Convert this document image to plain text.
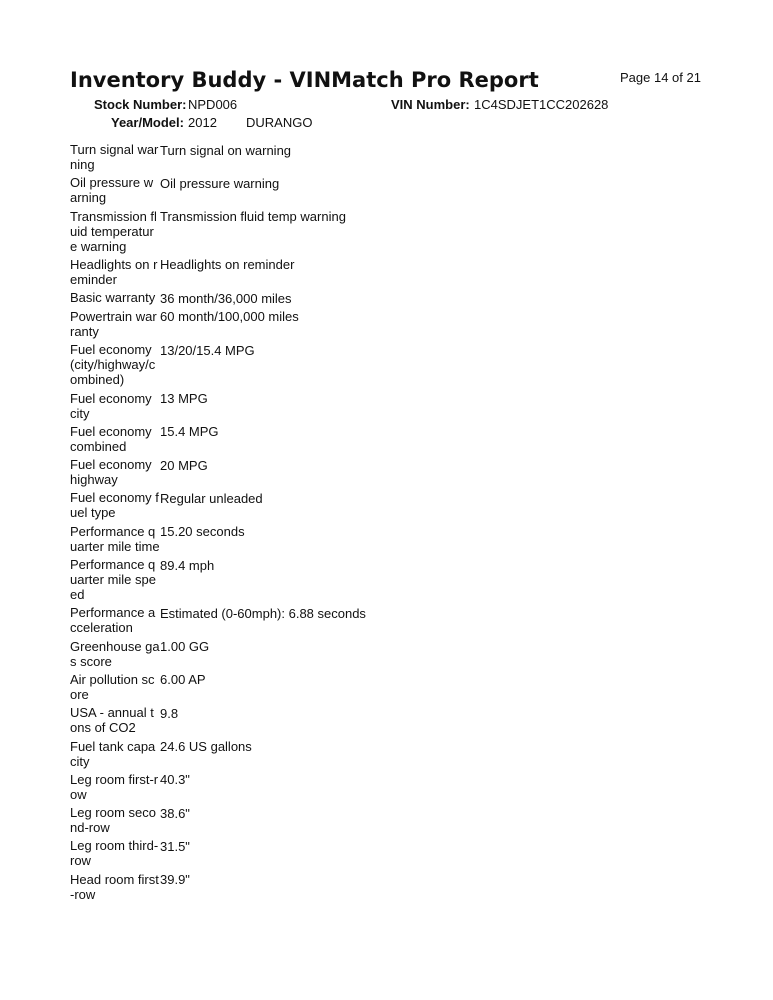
Inventory Buddy - VINMatch Pro Report	Page 14 of 21
Stock Number: NPD006	VIN Number: 1C4SDJET1CC202628
Year/Model: 2012 DURANGO
Turn signal warning
Turn signal on warning
Oil pressure warning
Oil pressure warning
Transmission fluid temperature warning
Transmission fluid temp warning
Headlights on reminder
Headlights on reminder
Basic warranty 36 month/36,000 miles
Powertrain warranty
60 month/100,000 miles
Fuel economy (city/highway/combined)
13/20/15.4 MPG
Fuel economy city
13 MPG
Fuel economy combined
15.4 MPG
Fuel economy highway
20 MPG
Fuel economy fuel type
Regular unleaded
Performance quarter mile time
15.20 seconds
Performance quarter mile speed
89.4 mph
Performance acceleration
Estimated (0-60mph): 6.88 seconds
Greenhouse gas score
1.00 GG
Air pollution score
6.00 AP
USA - annual tons of CO2
9.8
Fuel tank capacity
24.6 US gallons
Leg room first-row
40.3"
Leg room second-row
38.6"
Leg room third-row
31.5"
Head room first-row
39.9"
